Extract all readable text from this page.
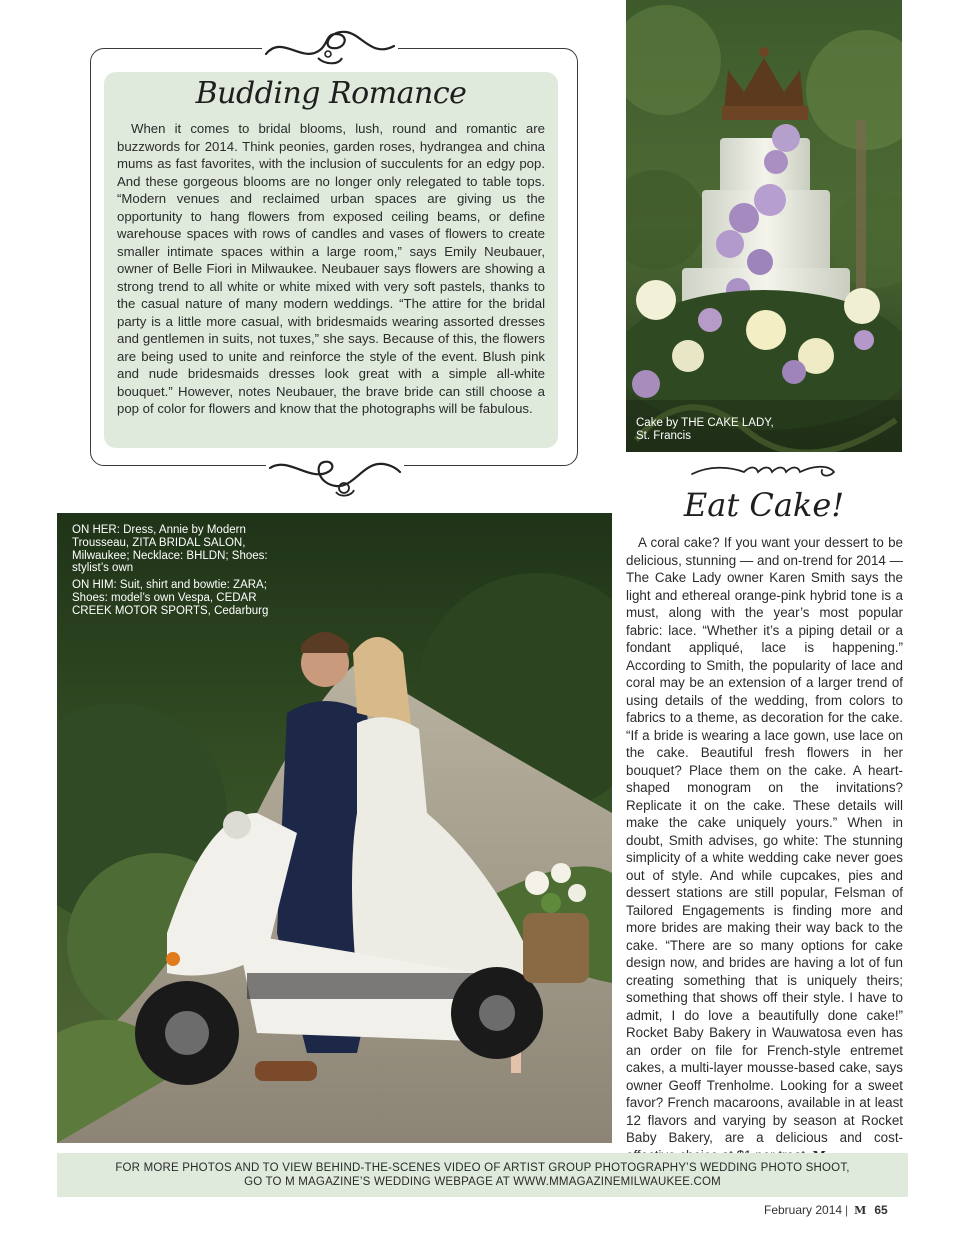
Budding Romance
When it comes to bridal blooms, lush, round and romantic are buzzwords for 2014. Think peonies, garden roses, hydrangea and china mums as fast favorites, with the inclusion of succulents for an edgy pop. And these gorgeous blooms are no longer only relegated to table tops. “Modern venues and reclaimed urban spaces are giving us the opportunity to hang flowers from exposed ceiling beams, or define warehouse spaces with rows of candles and vases of flowers to create smaller intimate spaces within a large room,” says Emily Neubauer, owner of Belle Fiori in Milwaukee. Neubauer says flowers are showing a strong trend to all white or white mixed with very soft pastels, thanks to the casual nature of many modern weddings. “The attire for the bridal party is a little more casual, with bridesmaids wearing assorted dresses and gentlemen in suits, not tuxes,” she says. Because of this, the flowers are being used to unite and reinforce the style of the event. Blush pink and nude bridesmaids dresses look great with a simple all-white bouquet.” However, notes Neubauer, the brave bride can still choose a pop of color for flowers and know that the photographs will be fabulous.
Cake by THE CAKE LADY, St. Francis
Eat Cake!
A coral cake? If you want your dessert to be delicious, stunning — and on-trend for 2014 — The Cake Lady owner Karen Smith says the light and ethereal orange-pink hybrid tone is a must, along with the year’s most popular fabric: lace. “Whether it’s a piping detail or a fondant appliqué, lace is happening.” According to Smith, the popularity of lace and coral may be an extension of a larger trend of using details of the wedding, from colors to fabrics to a theme, as decoration for the cake. “If a bride is wearing a lace gown, use lace on the cake. Beautiful fresh flowers in her bouquet? Place them on the cake. A heart-shaped monogram on the invitations? Replicate it on the cake. These details will make the cake uniquely yours.” When in doubt, Smith advises, go white: The stunning simplicity of a white wedding cake never goes out of style. And while cupcakes, pies and dessert stations are still popular, Felsman of Tailored Engagements is finding more and more brides are making their way back to the cake. “There are so many options for cake design now, and brides are having a lot of fun creating something that is uniquely theirs; something that shows off their style. I have to admit, I do love a beautifully done cake!” Rocket Baby Bakery in Wauwatosa even has an order on file for French-style entremet cakes, a multi-layer mousse-based cake, says owner Geoff Trenholme. Looking for a sweet favor? French macaroons, available in at least 12 flavors and varying by season at Rocket Baby Bakery, are a delicious and cost-

ON HER: Dress, Annie by Modern Trousseau, ZITA BRIDAL SALON, Milwaukee; Necklace: BHLDN; Shoes: stylist’s own

ON HIM: Suit, shirt and bowtie: ZARA; Shoes: model’s own Vespa, CEDAR CREEK MOTOR SPORTS, Cedarburg

FOR MORE PHOTOS AND TO VIEW BEHIND-THE-SCENES VIDEO OF ARTIST GROUP PHOTOGRAPHY’S WEDDING PHOTO SHOOT,
GO TO M MAGAZINE’S WEDDING WEBPAGE AT WWW.MMAGAZINEMILWAUKEE.COM
February 2014 | M 65
